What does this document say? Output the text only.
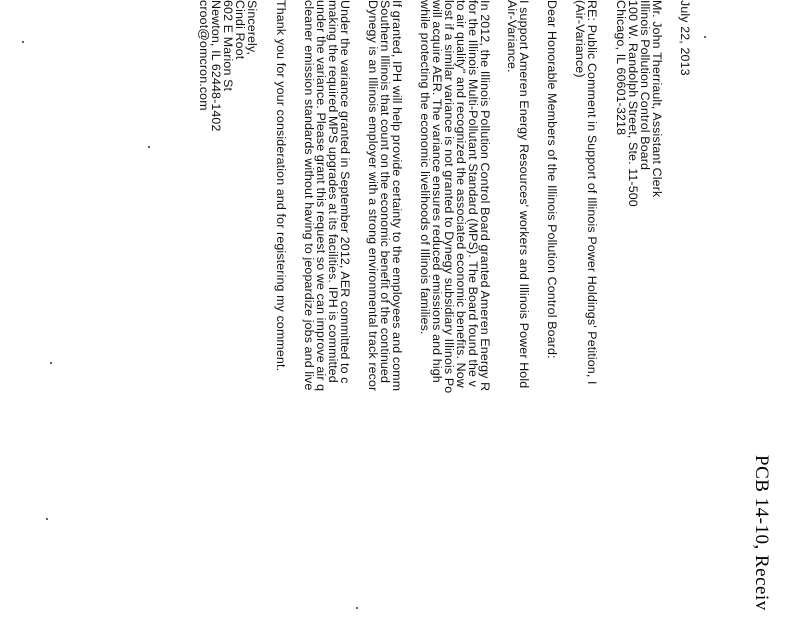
PCB 14-10, Receiv
July 22, 2013
Mr. John Therriault, Assistant Clerk
Illinois Pollution Control Board
100 W. Randolph Street, Ste. 11-500
Chicago, IL 60601-3218
RE: Public Comment in Support of Illinois Power Holdings' Petition, I
(Air-Variance)
Dear Honorable Members of the Illinois Pollution Control Board:
I support Ameren Energy Resources' workers and Illinois Power Hold
Air-Variance.
In 2012, the Illinois Pollution Control Board granted Ameren Energy R
for the Illinois Multi-Pollutant Standard (MPS). The Board found the v
to air quality" and recognized the associated economic benefits. Now
lost if a similar variance is not granted to Dynegy subsidiary Illinois Po
will acquire AER. The variance ensures reduced emissions and high
while protecting the economic livelihoods of Illinois families.
If granted, IPH will help provide certainty to the employees and comm
Southern Illinois that count on the economic benefit of the continued
Dynegy is an Illinois employer with a strong environmental track recor
Under the variance granted in September 2012, AER committed to c
making the required MPS upgrades at its facilities. IPH is committed
under the variance. Please grant this request so we can improve air q
cleaner emission standards without having to jeopardize jobs and live
Thank you for your consideration and for registering my comment.
Sincerely,
Cindi Root
602 E Marion St
Newton, IL 62448-1402
croot@omcron.com
